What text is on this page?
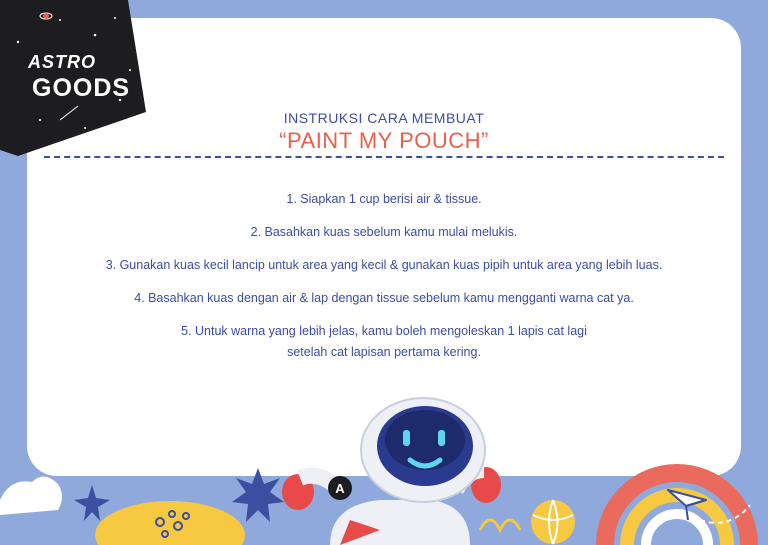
ASTRO
GOODS
INSTRUKSI CARA MEMBUAT
“PAINT MY POUCH”
1. Siapkan 1 cup berisi air & tissue.
2. Basahkan kuas sebelum kamu mulai melukis.
3. Gunakan kuas kecil lancip untuk area yang kecil & gunakan kuas pipih untuk area yang lebih luas.
4. Basahkan kuas dengan air & lap dengan tissue sebelum kamu mengganti warna cat ya.
5. Untuk warna yang lebih jelas, kamu boleh mengoleskan 1 lapis cat lagi
setelah cat lapisan pertama kering.
A
